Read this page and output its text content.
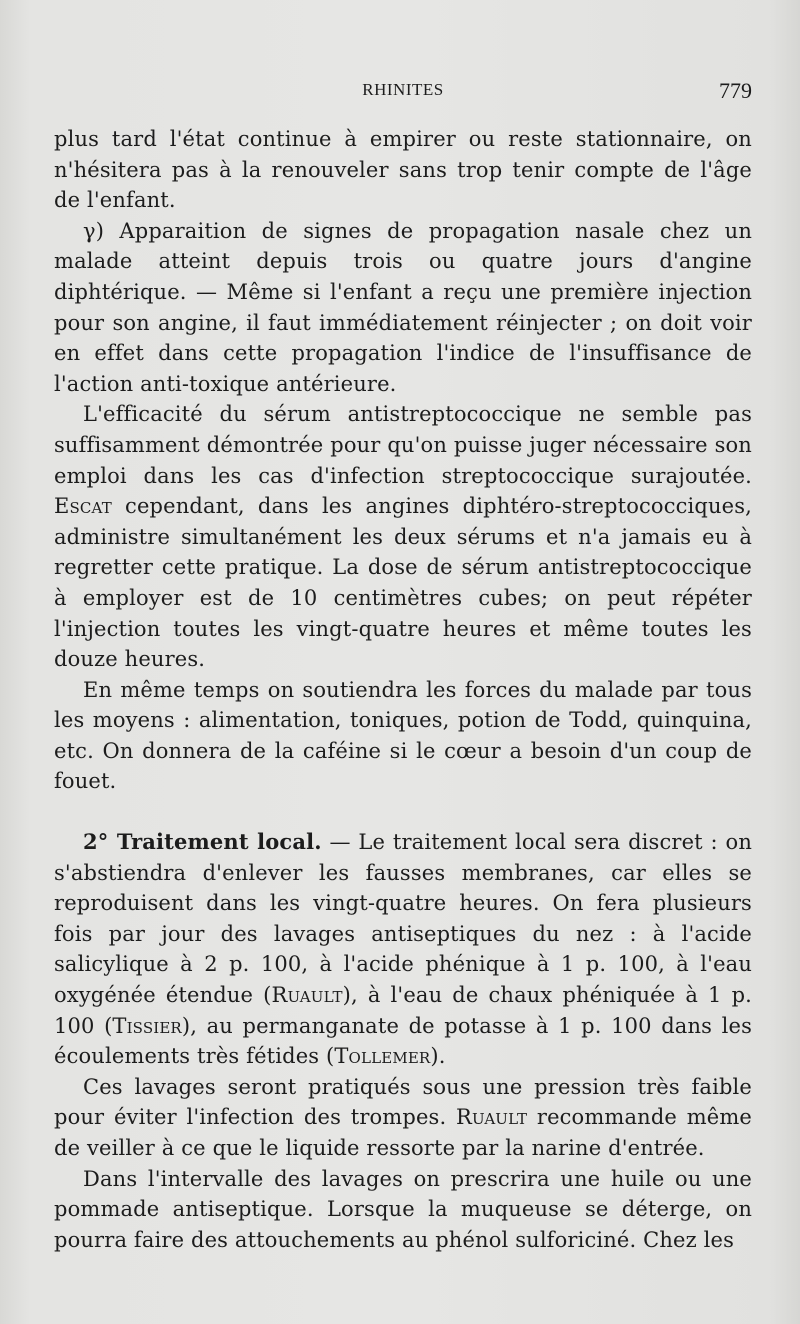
RHINITES	779

plus tard l'état continue à empirer ou reste stationnaire, on n'hésitera pas à la renouveler sans trop tenir compte de l'âge de l'enfant.

γ) Apparaition de signes de propagation nasale chez un malade atteint depuis trois ou quatre jours d'angine diphtérique. — Même si l'enfant a reçu une première injection pour son angine, il faut immédiatement réinjecter ; on doit voir en effet dans cette propagation l'indice de l'insuffisance de l'action anti-toxique antérieure.

L'efficacité du sérum antistreptococcique ne semble pas suffisamment démontrée pour qu'on puisse juger nécessaire son emploi dans les cas d'infection streptococcique surajoutée. Escat cependant, dans les angines diphtéro-streptococciques, administre simultanément les deux sérums et n'a jamais eu à regretter cette pratique. La dose de sérum antistreptococcique à employer est de 10 centimètres cubes; on peut répéter l'injection toutes les vingt-quatre heures et même toutes les douze heures.

En même temps on soutiendra les forces du malade par tous les moyens : alimentation, toniques, potion de Todd, quinquina, etc. On donnera de la caféine si le cœur a besoin d'un coup de fouet.

2° Traitement local. — Le traitement local sera discret : on s'abstiendra d'enlever les fausses membranes, car elles se reproduisent dans les vingt-quatre heures. On fera plusieurs fois par jour des lavages antiseptiques du nez : à l'acide salicylique à 2 p. 100, à l'acide phénique à 1 p. 100, à l'eau oxygénée étendue (Ruault), à l'eau de chaux phéniquée à 1 p. 100 (Tissier), au permanganate de potasse à 1 p. 100 dans les écoulements très fétides (Tollemer).

Ces lavages seront pratiqués sous une pression très faible pour éviter l'infection des trompes. Ruault recommande même de veiller à ce que le liquide ressorte par la narine d'entrée.

Dans l'intervalle des lavages on prescrira une huile ou une pommade antiseptique. Lorsque la muqueuse se déterge, on pourra faire des attouchements au phénol sulforiciné. Chez les
